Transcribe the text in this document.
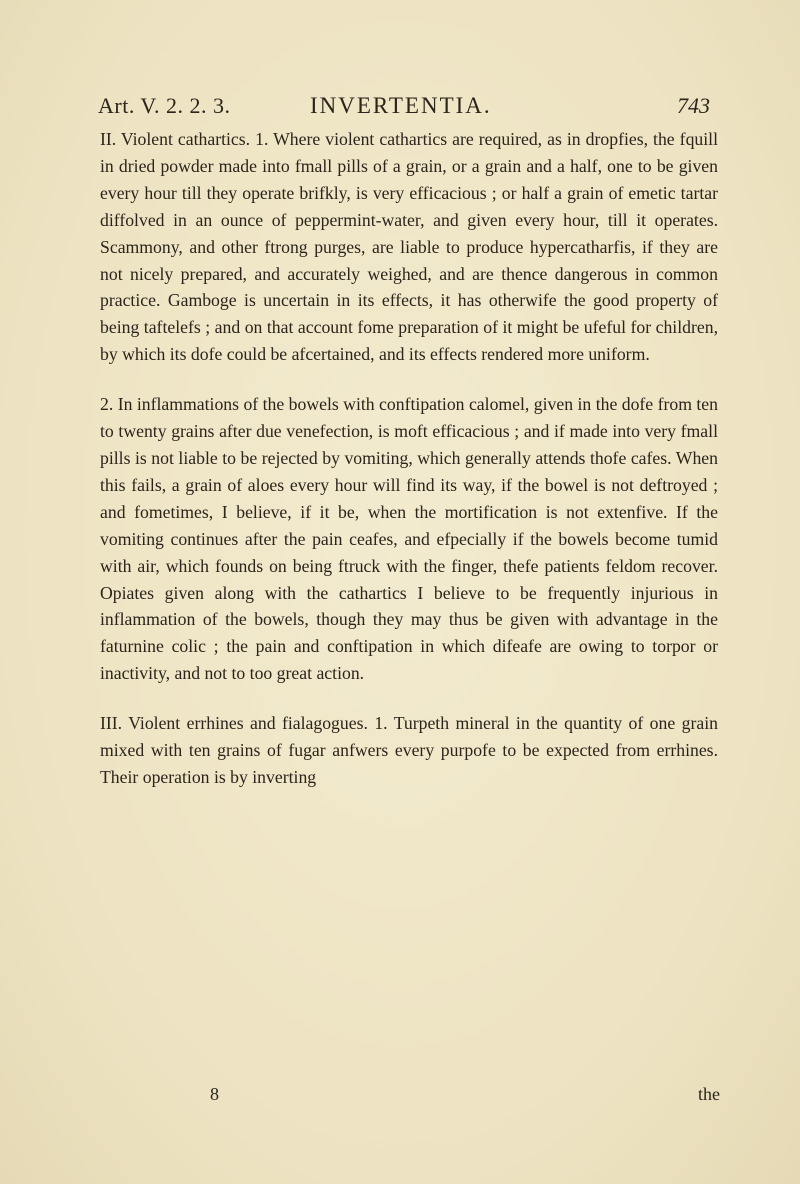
Art. V. 2. 2. 3.	INVERTENTIA.	743

II. Violent cathartics. 1. Where violent cathartics are required, as in dropfies, the fquill in dried powder made into fmall pills of a grain, or a grain and a half, one to be given every hour till they operate brifkly, is very efficacious ; or half a grain of emetic tartar diffolved in an ounce of peppermint-water, and given every hour, till it operates. Scammony, and other ftrong purges, are liable to produce hypercatharfis, if they are not nicely prepared, and accurately weighed, and are thence dangerous in common practice. Gamboge is uncertain in its effects, it has otherwife the good property of being taftelefs ; and on that account fome preparation of it might be ufeful for children, by which its dofe could be afcertained, and its effects rendered more uniform.

2. In inflammations of the bowels with conftipation calomel, given in the dofe from ten to twenty grains after due venefection, is moft efficacious ; and if made into very fmall pills is not liable to be rejected by vomiting, which generally attends thofe cafes. When this fails, a grain of aloes every hour will find its way, if the bowel is not deftroyed ; and fometimes, I believe, if it be, when the mortification is not extenfive. If the vomiting continues after the pain ceafes, and efpecially if the bowels become tumid with air, which founds on being ftruck with the finger, thefe patients feldom recover. Opiates given along with the cathartics I believe to be frequently injurious in inflammation of the bowels, though they may thus be given with advantage in the faturnine colic ; the pain and conftipation in which difeafe are owing to torpor or inactivity, and not to too great action.

III. Violent errhines and fialagogues. 1. Turpeth mineral in the quantity of one grain mixed with ten grains of fugar anfwers every purpofe to be expected from errhines. Their operation is by inverting

8	the
